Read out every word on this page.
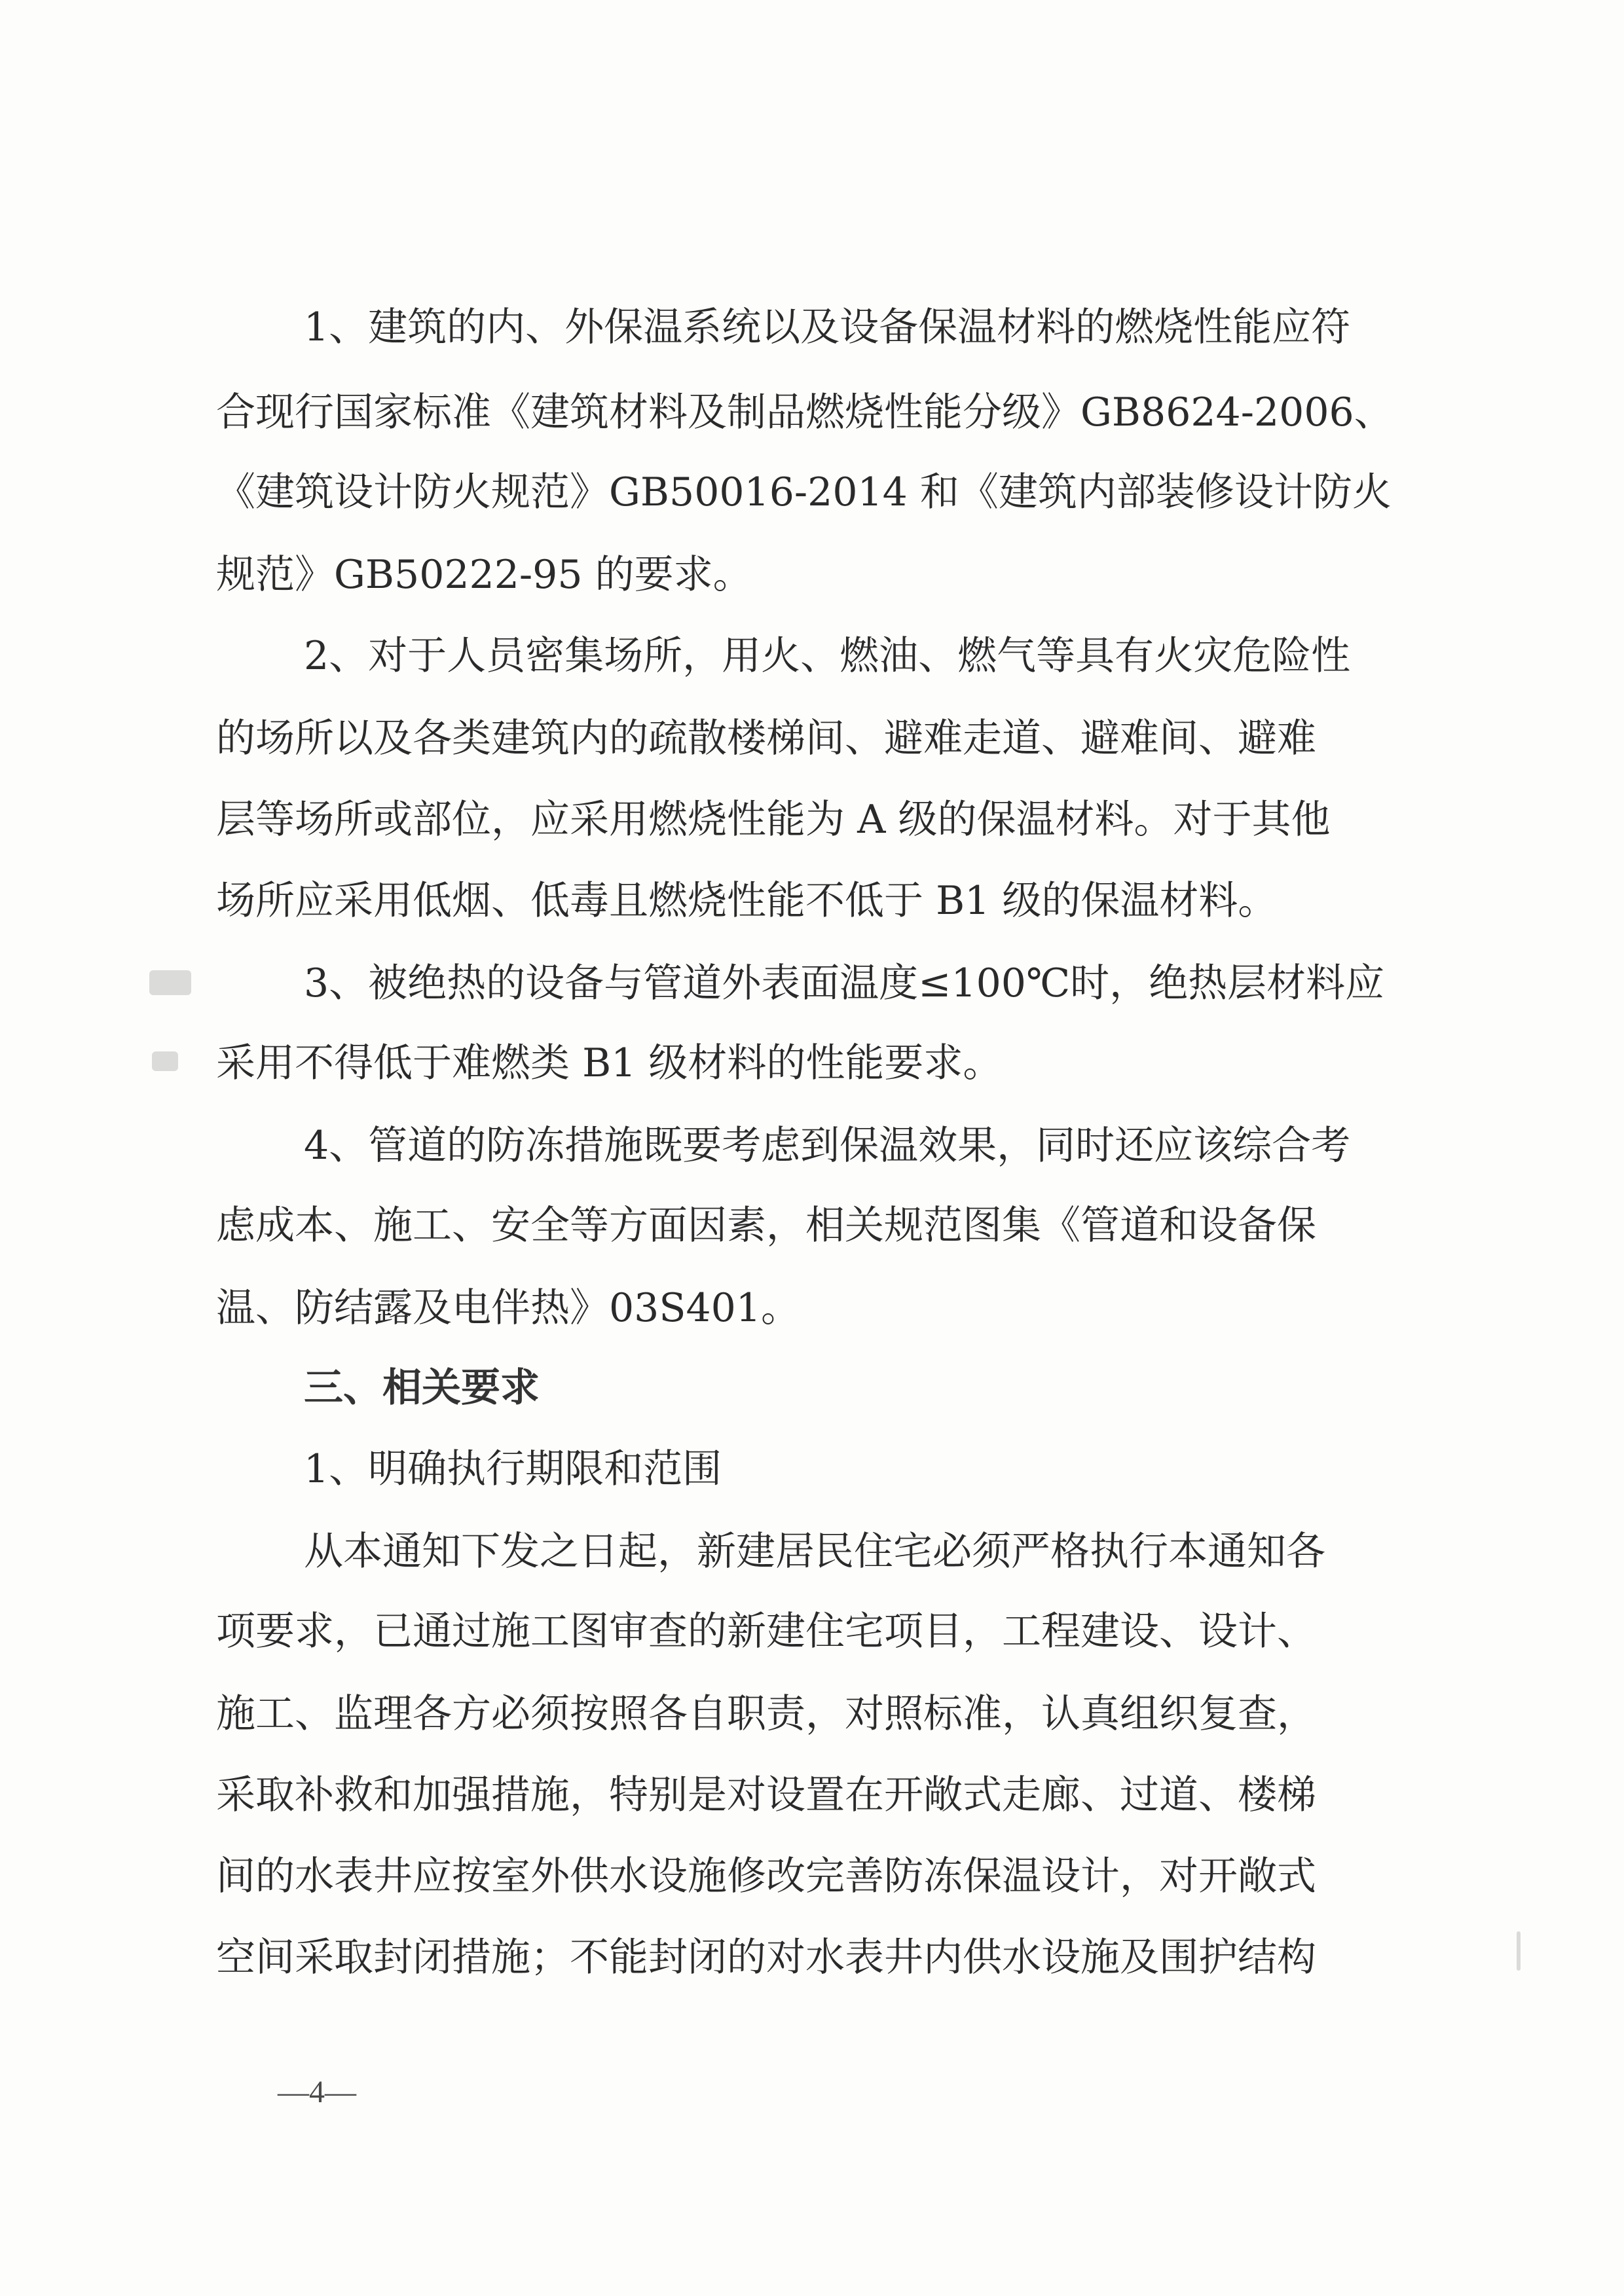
1、建筑的内、外保温系统以及设备保温材料的燃烧性能应符
合现行国家标准《建筑材料及制品燃烧性能分级》GB8624-2006、
《建筑设计防火规范》GB50016-2014 和《建筑内部装修设计防火
规范》GB50222-95 的要求。
2、对于人员密集场所，用火、燃油、燃气等具有火灾危险性
的场所以及各类建筑内的疏散楼梯间、避难走道、避难间、避难
层等场所或部位，应采用燃烧性能为 A 级的保温材料。对于其他
场所应采用低烟、低毒且燃烧性能不低于 B1 级的保温材料。
3、被绝热的设备与管道外表面温度≤100℃时，绝热层材料应
采用不得低于难燃类 B1 级材料的性能要求。
4、管道的防冻措施既要考虑到保温效果，同时还应该综合考
虑成本、施工、安全等方面因素，相关规范图集《管道和设备保
温、防结露及电伴热》03S401。
三、相关要求
1、明确执行期限和范围
从本通知下发之日起，新建居民住宅必须严格执行本通知各
项要求，已通过施工图审查的新建住宅项目，工程建设、设计、
施工、监理各方必须按照各自职责，对照标准，认真组织复查，
采取补救和加强措施，特别是对设置在开敞式走廊、过道、楼梯
间的水表井应按室外供水设施修改完善防冻保温设计，对开敞式
空间采取封闭措施；不能封闭的对水表井内供水设施及围护结构
—4—
